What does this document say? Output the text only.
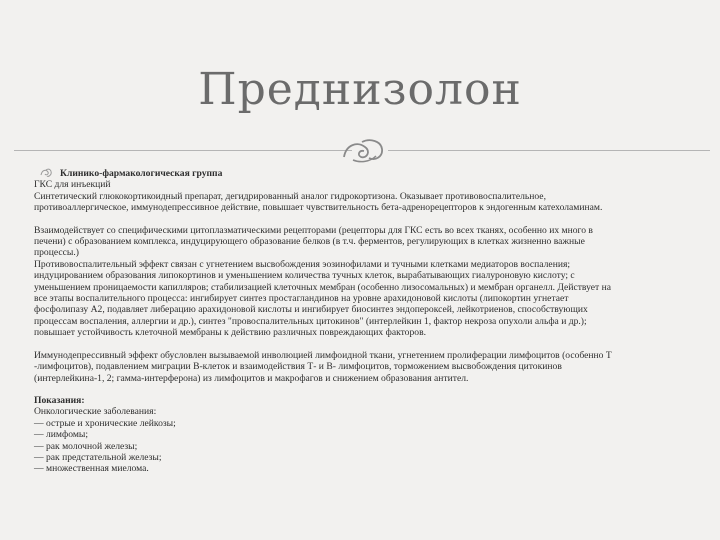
Преднизолон

Клинико-фармакологическая группа

ГКС для инъекций

Синтетический глюкокортикоидный препарат, дегидрированный аналог гидрокортизона. Оказывает противовоспалительное,

противоаллергическое, иммунодепрессивное действие, повышает чувствительность бета-адренорецепторов к эндогенным катехоламинам.

Взаимодействует со специфическими цитоплазматическими рецепторами (рецепторы для ГКС есть во всех тканях, особенно их много в

печени) с образованием комплекса, индуцирующего образование белков (в т.ч. ферментов, регулирующих в клетках жизненно важные

процессы.)

Противовоспалительный эффект связан с угнетением высвобождения эозинофилами и тучными клетками медиаторов воспаления;

индуцированием образования липокортинов и уменьшением количества тучных клеток, вырабатывающих гиалуроновую кислоту; с

уменьшением проницаемости капилляров; стабилизацией клеточных мембран (особенно лизосомальных) и мембран органелл. Действует на

все этапы воспалительного процесса: ингибирует синтез простагландинов на уровне арахидоновой кислоты (липокортин угнетает

фосфолипазу А2, подавляет либерацию арахидоновой кислоты и ингибирует биосинтез эндопероксей, лейкотриенов, способствующих

процессам воспаления, аллергии и др.), синтез "провоспалительных цитокинов" (интерлейкин 1, фактор некроза опухоли альфа и др.);

повышает устойчивость клеточной мембраны к действию различных повреждающих факторов.

Иммунодепрессивный эффект обусловлен вызываемой инволюцией лимфоидной ткани, угнетением пролиферации лимфоцитов (особенно Т

-лимфоцитов), подавлением миграции В-клеток и взаимодействия Т- и В- лимфоцитов, торможением высвобождения цитокинов

(интерлейкина-1, 2; гамма-интерферона) из лимфоцитов и макрофагов и снижением образования антител.

Показания:

Онкологические заболевания:

— острые и хронические лейкозы;

— лимфомы;

— рак молочной железы;

— рак предстательной железы;

— множественная миелома.
